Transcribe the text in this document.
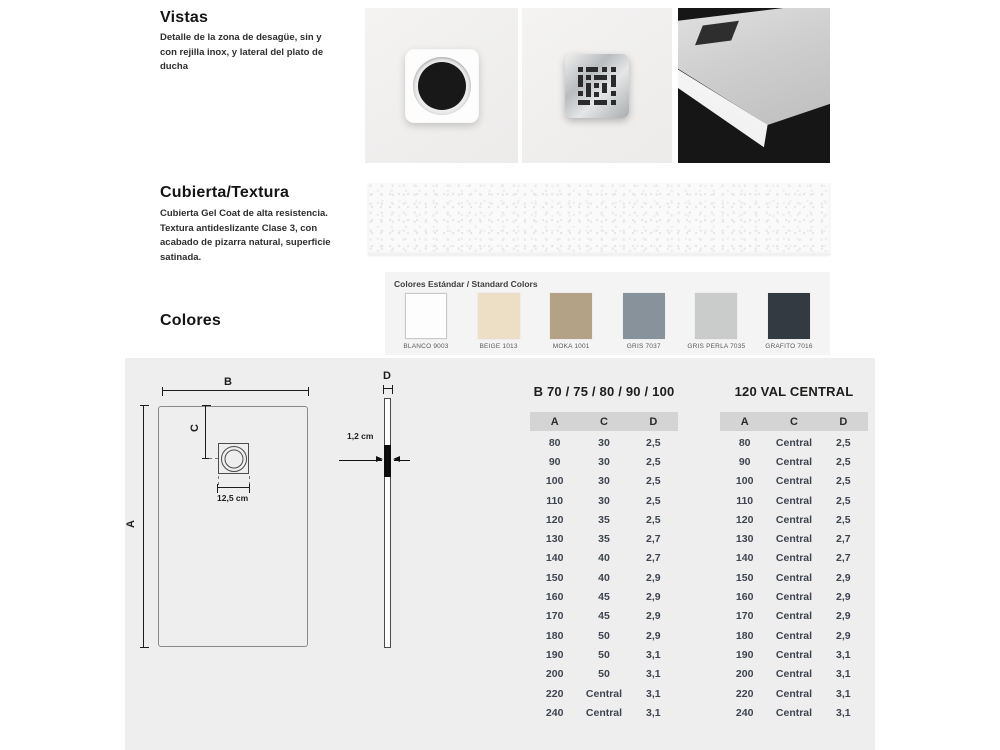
Vistas
Detalle de la zona de desagüe, sin y con rejilla inox, y lateral del plato de ducha
Cubierta/Textura
Cubierta Gel Coat de alta resistencia. Textura antideslizante Clase 3, con acabado de pizarra natural, superficie satinada.
Colores
Colores Estándar / Standard Colors
BLANCO 9003	BEIGE 1013	MOKA 1001	GRIS 7037	GRIS PERLA 7035	GRAFITO 7016
B
A
C
12,5 cm
D
1,2 cm
B 70 / 75 / 80 / 90 / 100
A	C	D
80	30	2,5
90	30	2,5
100	30	2,5
110	30	2,5
120	35	2,5
130	35	2,7
140	40	2,7
150	40	2,9
160	45	2,9
170	45	2,9
180	50	2,9
190	50	3,1
200	50	3,1
220	Central	3,1
240	Central	3,1
120 VAL CENTRAL
A	C	D
80	Central	2,5
90	Central	2,5
100	Central	2,5
110	Central	2,5
120	Central	2,5
130	Central	2,7
140	Central	2,7
150	Central	2,9
160	Central	2,9
170	Central	2,9
180	Central	2,9
190	Central	3,1
200	Central	3,1
220	Central	3,1
240	Central	3,1
